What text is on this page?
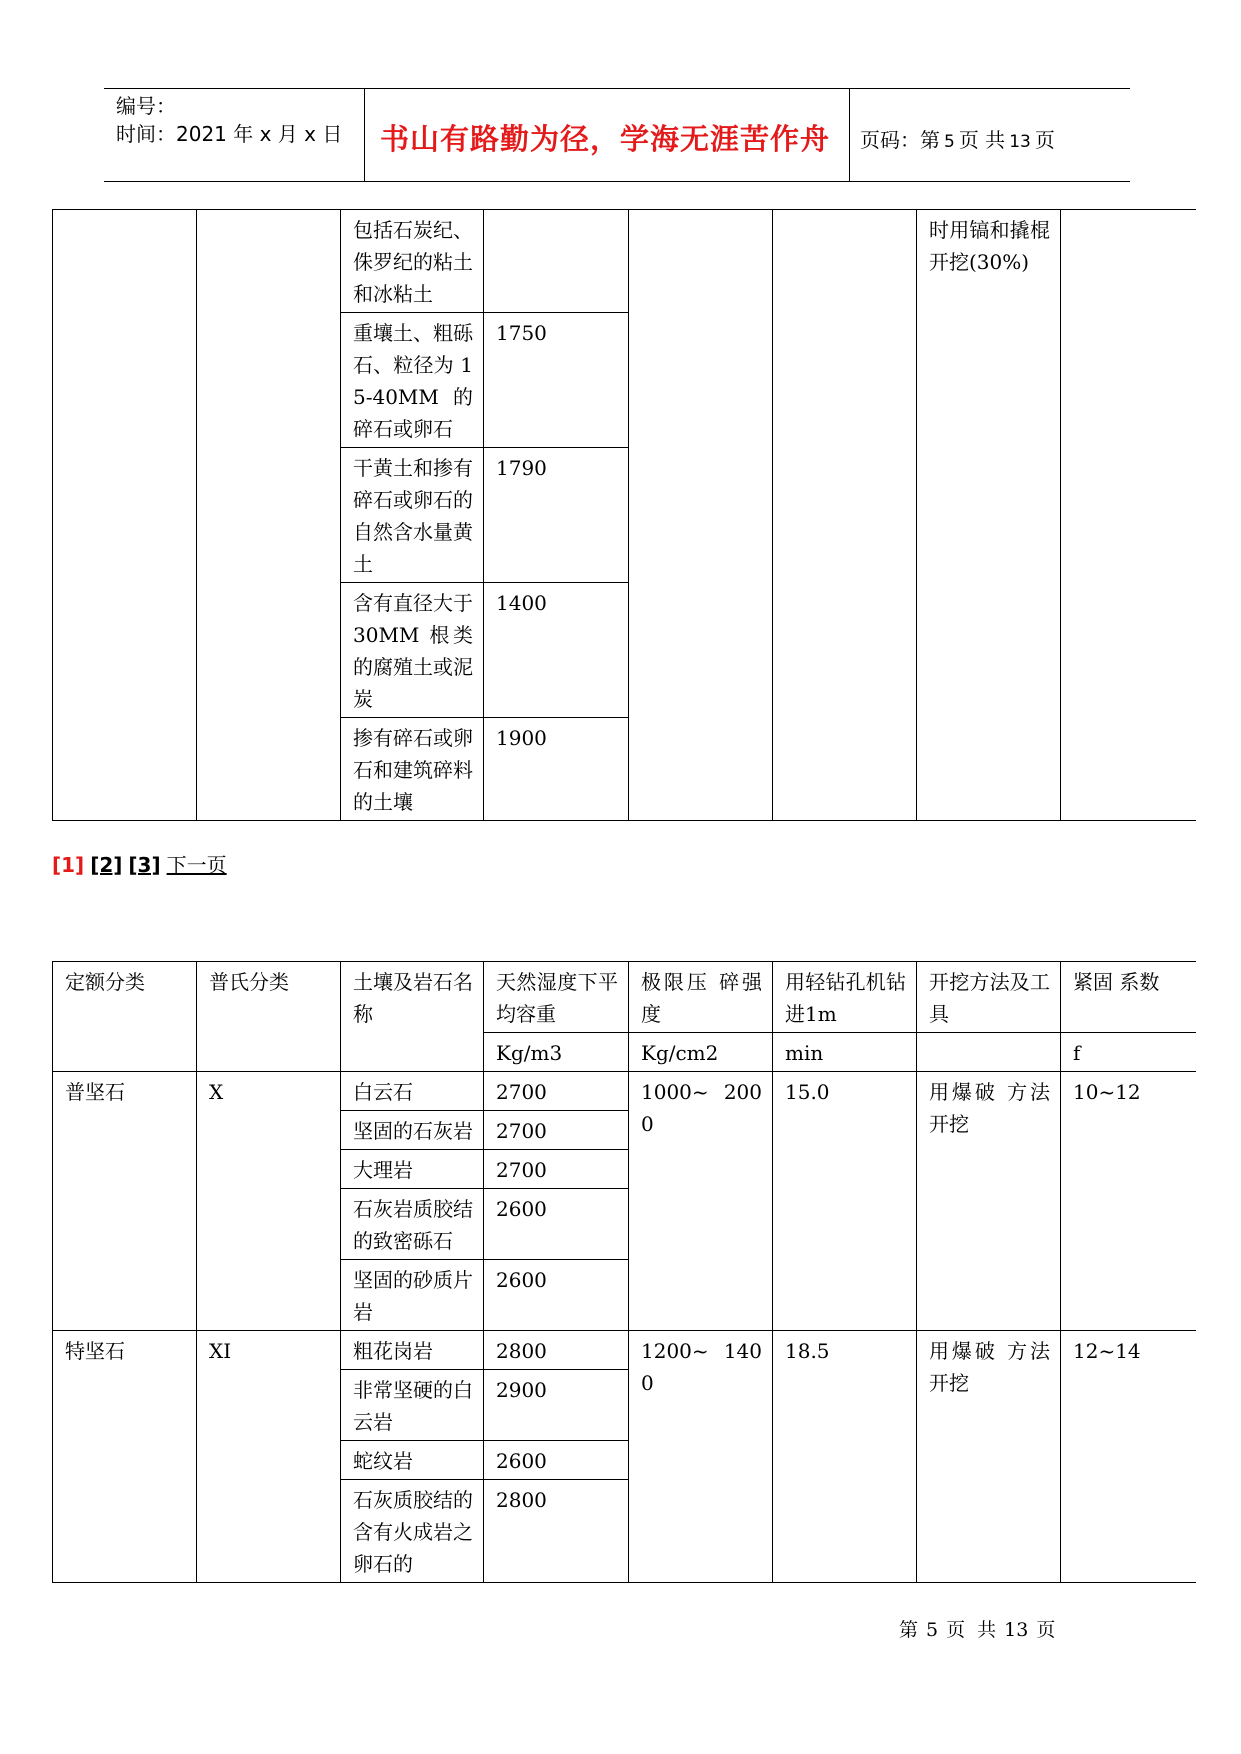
编号：
时间：2021 年 x 月 x 日	书山有路勤为径，学海无涯苦作舟	页码：第 5 页 共 13 页
		包括石炭纪、侏罗纪的粘土和冰粘土				时用镐和撬棍开挖(30%)	
		重壤土、粗砾石、粒径为 15-40MM 的碎石或卵石	1750				
		干黄土和掺有碎石或卵石的自然含水量黄土	1790				
		含有直径大于 30MM 根类的腐殖土或泥炭	1400				
		掺有碎石或卵石和建筑碎料的土壤	1900				
[1] [2] [3] 下一页
定额分类	普氏分类	土壤及岩石名称	天然湿度下平均容重	极限压 碎强度	用轻钻孔机钻进1m	开挖方法及工具	紧固 系数
			Kg/m3	Kg/cm2	min		f
普坚石	X	白云石	2700	1000~ 2000	15.0	用爆破 方法开挖	10~12
		坚固的石灰岩	2700				
		大理岩	2700				
		石灰岩质胶结的致密砾石	2600				
		坚固的砂质片岩	2600				
特坚石	XI	粗花岗岩	2800	1200~ 1400	18.5	用爆破 方法开挖	12~14
		非常坚硬的白云岩	2900				
		蛇纹岩	2600				
		石灰质胶结的含有火成岩之卵石的	2800				
第 5 页 共 13 页
